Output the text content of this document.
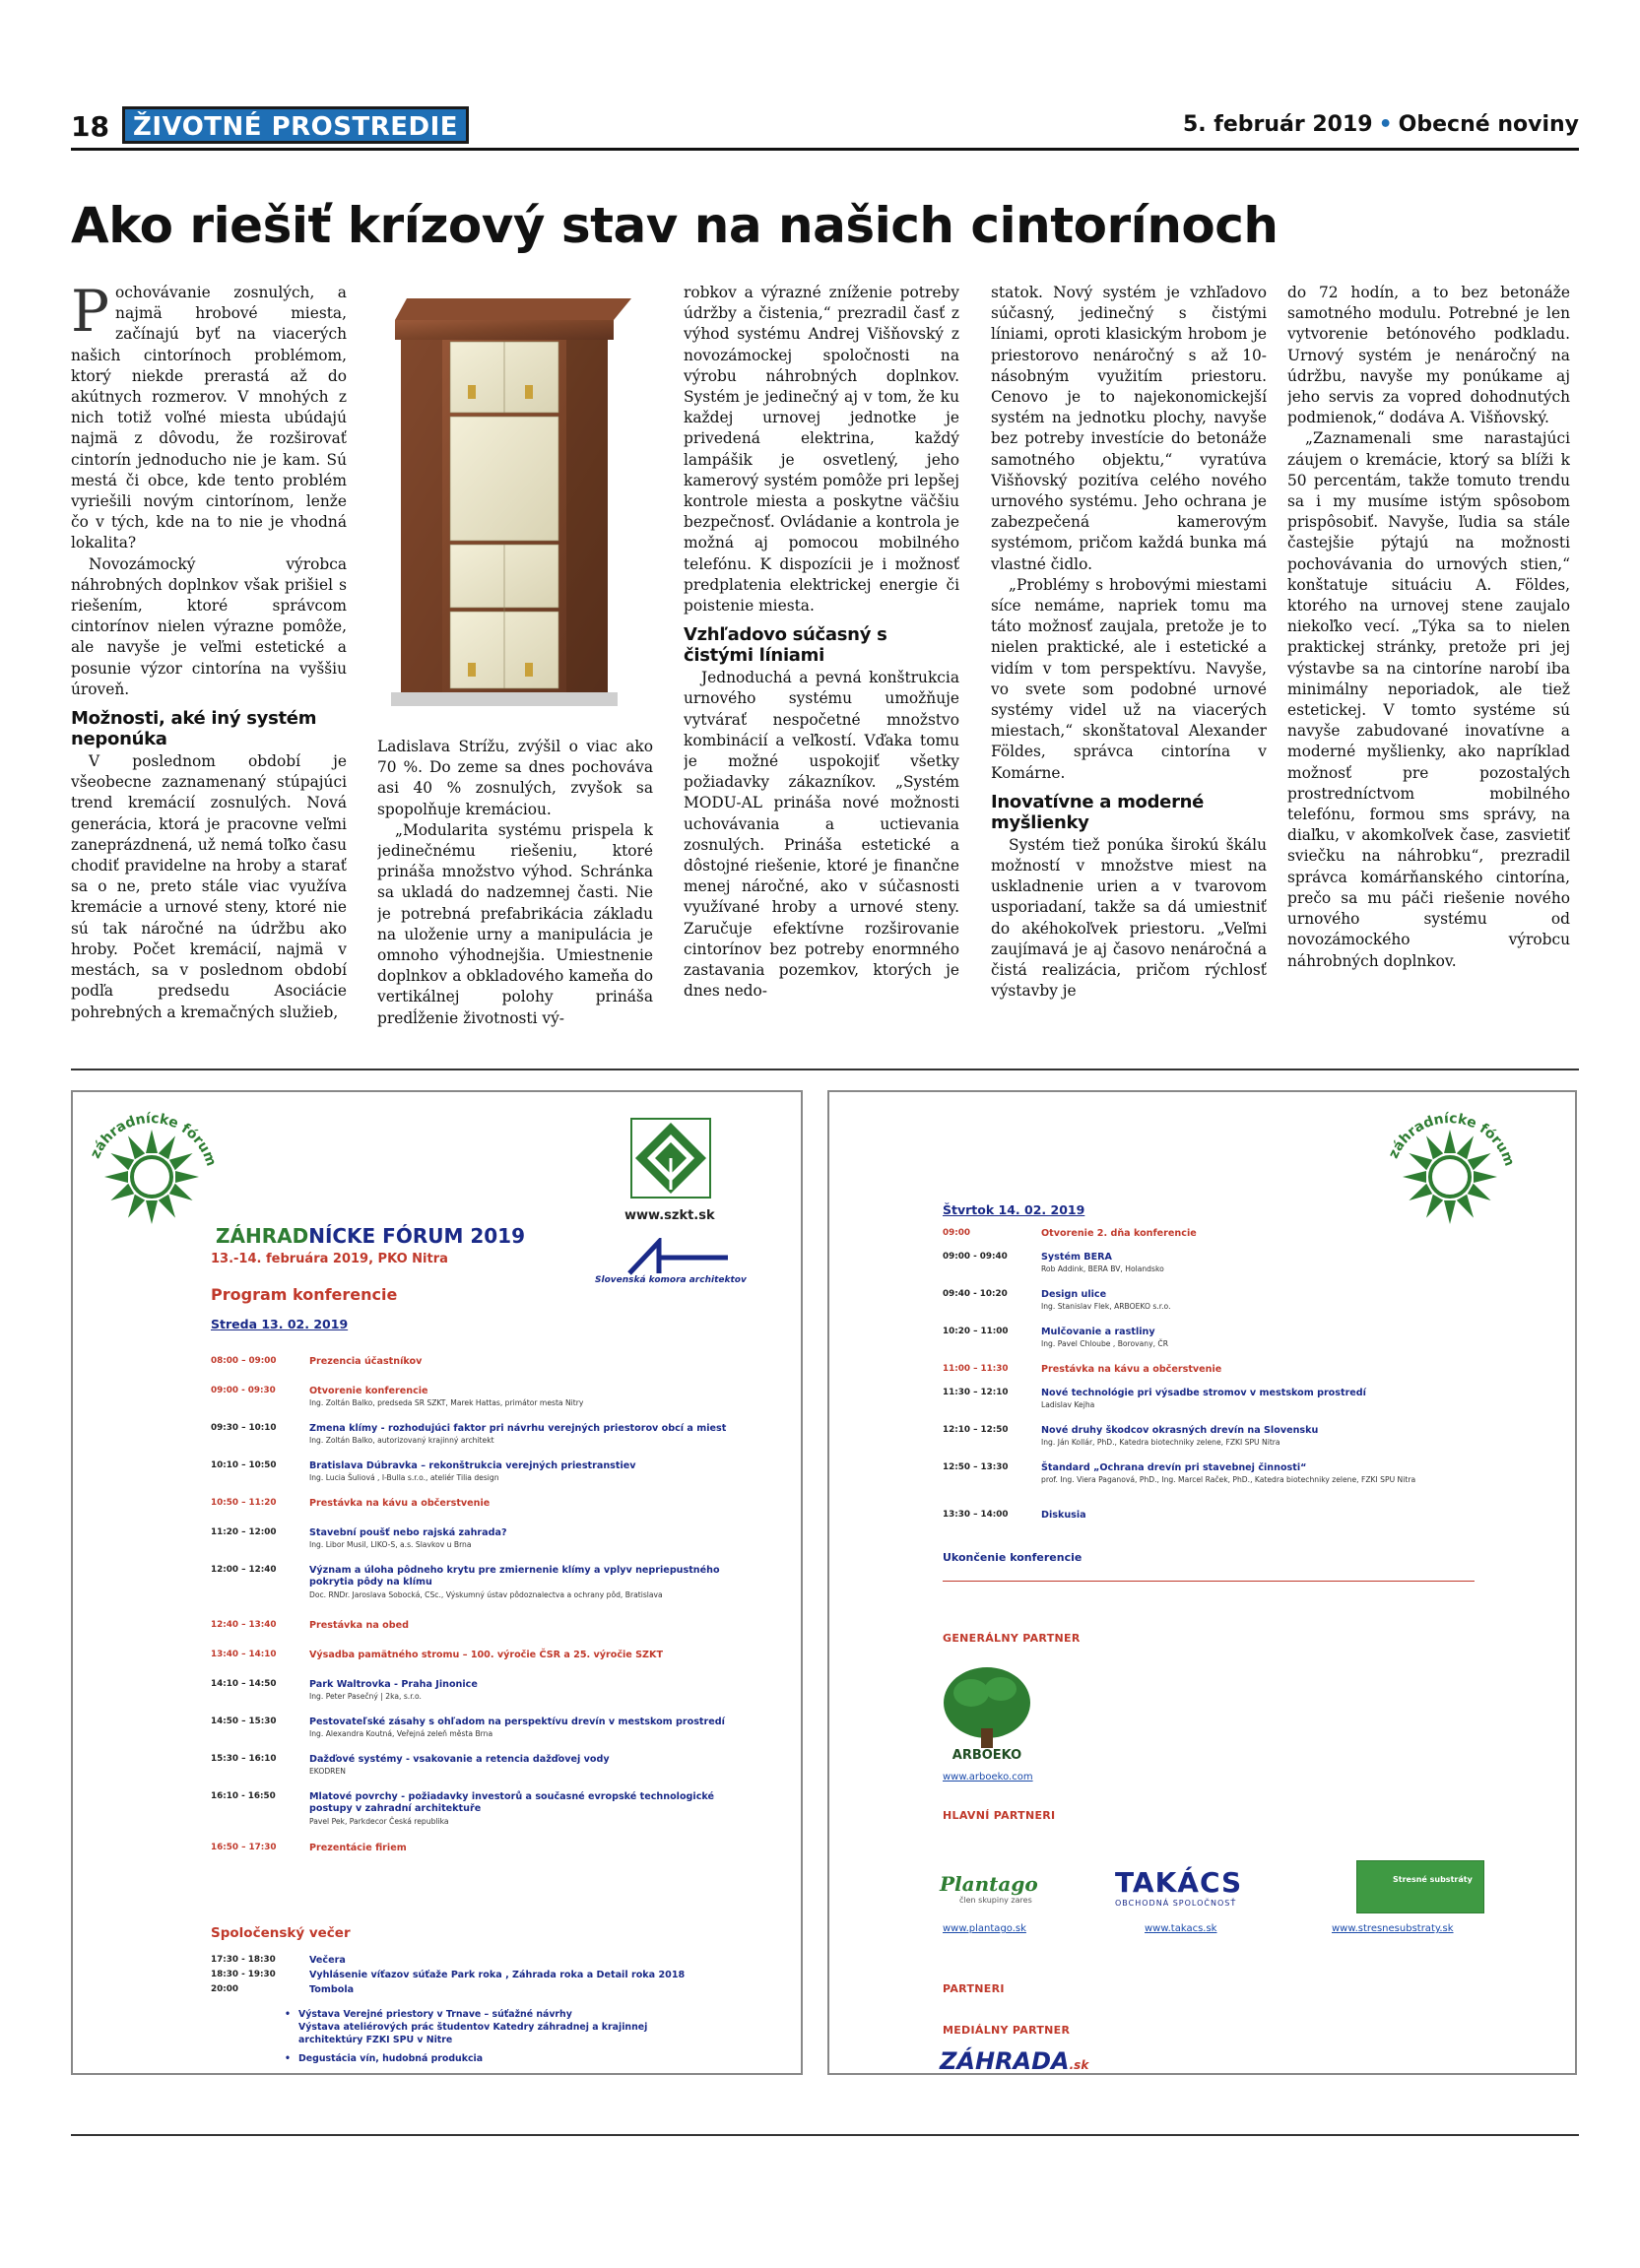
18 ŽIVOTNÉ PROSTREDIE	5. február 2019 • Obecné noviny
Ako riešiť krízový stav na našich cintorínoch

Pochovávanie zosnulých, a najmä hrobové miesta, začínajú byť na viacerých našich cintorínoch problémom, ktorý niekde prerastá až do akútnych rozmerov. V mnohých z nich totiž voľné miesta ubúdajú najmä z dôvodu, že rozširovať cintorín jednoducho nie je kam. Sú mestá či obce, kde tento problém vyriešili novým cintorínom, lenže čo v tých, kde na to nie je vhodná lokalita?

Novozámocký výrobca náhrobných doplnkov však prišiel s riešením, ktoré správcom cintorínov nielen výrazne pomôže, ale navyše je veľmi estetické a posunie výzor cintorína na vyššiu úroveň.

Možnosti, aké iný systém neponúka

V poslednom období je všeobecne zaznamenaný stúpajúci trend kremácií zosnulých. Nová generácia, ktorá je pracovne veľmi zaneprázdnená, už nemá toľko času chodiť pravidelne na hroby a starať sa o ne, preto stále viac využíva kremácie a urnové steny, ktoré nie sú tak náročné na údržbu ako hroby. Počet kremácií, najmä v mestách, sa v poslednom období podľa predsedu Asociácie pohrebných a kremačných služieb,

Ladislava Strížu, zvýšil o viac ako 70 %. Do zeme sa dnes pochováva asi 40 % zosnulých, zvyšok sa spopolňuje kremáciou.

„Modularita systému prispela k jedinečnému riešeniu, ktoré prináša množstvo výhod. Schránka sa ukladá do nadzemnej časti. Nie je potrebná prefabrikácia základu na uloženie urny a manipulácia je omnoho výhodnejšia. Umiestnenie doplnkov a obkladového kameňa do vertikálnej polohy prináša predĺženie životnosti vý-

robkov a výrazné zníženie potreby údržby a čistenia,“ prezradil časť z výhod systému Andrej Višňovský z novozámockej spoločnosti na výrobu náhrobných doplnkov. Systém je jedinečný aj v tom, že ku každej urnovej jednotke je privedená elektrina, každý lampášik je osvetlený, jeho kamerový systém pomôže pri lepšej kontrole miesta a poskytne väčšiu bezpečnosť. Ovládanie a kontrola je možná aj pomocou mobilného telefónu. K dispozícii je i možnosť predplatenia elektrickej energie či poistenie miesta.

Vzhľadovo súčasný s čistými líniami

Jednoduchá a pevná konštrukcia urnového systému umožňuje vytvárať nespočetné množstvo kombinácií a veľkostí. Vďaka tomu je možné uspokojiť všetky požiadavky zákazníkov. „Systém MODU-AL prináša nové možnosti uchovávania a uctievania zosnulých. Prináša estetické a dôstojné riešenie, ktoré je finančne menej náročné, ako v súčasnosti využívané hroby a urnové steny. Zaručuje efektívne rozširovanie cintorínov bez potreby enormného zastavania pozemkov, ktorých je dnes nedo-

statok. Nový systém je vzhľadovo súčasný, jedinečný s čistými líniami, oproti klasickým hrobom je priestorovo nenáročný s až 10-násobným využitím priestoru. Cenovo je to najekonomickejší systém na jednotku plochy, navyše bez potreby investície do betonáže samotného objektu,“ vyratúva Višňovský pozitíva celého nového urnového systému. Jeho ochrana je zabezpečená kamerovým systémom, pričom každá bunka má vlastné čidlo.

„Problémy s hrobovými miestami síce nemáme, napriek tomu ma táto možnosť zaujala, pretože je to nielen praktické, ale i estetické a vidím v tom perspektívu. Navyše, vo svete som podobné urnové systémy videl už na viacerých miestach,“ skonštatoval Alexander Földes, správca cintorína v Komárne.

Inovatívne a moderné myšlienky

Systém tiež ponúka širokú škálu možností v množstve miest na uskladnenie urien a v tvarovom usporiadaní, takže sa dá umiestniť do akéhokoľvek priestoru. „Veľmi zaujímavá je aj časovo nenáročná a čistá realizácia, pričom rýchlosť výstavby je

do 72 hodín, a to bez betonáže samotného modulu. Potrebné je len vytvorenie betónového podkladu. Urnový systém je nenáročný na údržbu, navyše my ponúkame aj jeho servis za vopred dohodnutých podmienok,“ dodáva A. Višňovský.

„Zaznamenali sme narastajúci záujem o kremácie, ktorý sa blíži k 50 percentám, takže tomuto trendu sa i my musíme istým spôsobom prispôsobiť. Navyše, ľudia sa stále častejšie pýtajú na možnosti pochovávania do urnových stien,“ konštatuje situáciu A. Földes, ktorého na urnovej stene zaujalo niekoľko vecí. „Týka sa to nielen praktickej stránky, pretože pri jej výstavbe sa na cintoríne narobí iba minimálny neporiadok, ale tiež estetickej. V tomto systéme sú navyše zabudované inovatívne a moderné myšlienky, ako napríklad možnosť pre pozostalých prostredníctvom mobilného telefónu, formou sms správy, na diaľku, v akomkoľvek čase, zasvietiť sviečku na náhrobku“, prezradil správca komárňanského cintorína, prečo sa mu páči riešenie nového urnového systému od novozámockého výrobcu náhrobných doplnkov.

záhradnícke fórum
www.szkt.sk
Slovenská komora architektov
ZÁHRADNÍCKE FÓRUM 2019
13.-14. februára 2019, PKO Nitra
Program konferencie
Streda 13. 02. 2019
08:00 – 09:00	Prezencia účastníkov
09:00 - 09:30	Otvorenie konferencie
Ing. Zoltán Balko, predseda SR SZKT, Marek Hattas, primátor mesta Nitry
09:30 – 10:10	Zmena klímy - rozhodujúci faktor pri návrhu verejných priestorov obcí a miest
Ing. Zoltán Balko, autorizovaný krajinný architekt
10:10 – 10:50	Bratislava Dúbravka – rekonštrukcia verejných priestranstiev
Ing. Lucia Šuliová , I-Bulla s.r.o., ateliér Tilia design
10:50 – 11:20	Prestávka na kávu a občerstvenie
11:20 – 12:00	Stavební poušť nebo rajská zahrada?
Ing. Libor Musil, LIKO-S, a.s. Slavkov u Brna
12:00 – 12:40	Význam a úloha pôdneho krytu pre zmiernenie klímy a vplyv nepriepustného pokrytia pôdy na klímu
Doc. RNDr. Jaroslava Sobocká, CSc., Výskumný ústav pôdoznalectva a ochrany pôd, Bratislava
12:40 – 13:40	Prestávka na obed
13:40 – 14:10	Výsadba pamätného stromu – 100. výročie ČSR a 25. výročie SZKT
14:10 – 14:50	Park Waltrovka - Praha Jinonice
Ing. Peter Pasečný | 2ka, s.r.o.
14:50 – 15:30	Pestovateľské zásahy s ohľadom na perspektívu drevín v mestskom prostredí
Ing. Alexandra Koutná, Veřejná zeleň města Brna
15:30 – 16:10	Dažďové systémy - vsakovanie a retencia dažďovej vody
EKODREN
16:10 - 16:50	Mlatové povrchy - požiadavky investorů a současné evropské technologické postupy v zahradní architektuře
Pavel Pek, Parkdecor Česká republika
16:50 – 17:30	Prezentácie firiem
Spoločenský večer
17:30 - 18:30	Večera
18:30 - 19:30	Vyhlásenie víťazov súťaže Park roka , Záhrada roka a Detail roka 2018
20:00	Tombola
• Výstava Verejné priestory v Trnave – súťažné návrhy
Výstava ateliérových prác študentov Katedry záhradnej a krajinnej
architektúry FZKI SPU v Nitre
• Degustácia vín, hudobná produkcia
záhradnícke fórum
Štvrtok 14. 02. 2019
09:00	Otvorenie 2. dňa konferencie
09:00 - 09:40	Systém BERA
Rob Addink, BERA BV, Holandsko
09:40 - 10:20	Design ulice
Ing. Stanislav Flek, ARBOEKO s.r.o.
10:20 – 11:00	Mulčovanie a rastliny
Ing. Pavel Chloube , Borovany, ČR
11:00 – 11:30	Prestávka na kávu a občerstvenie
11:30 – 12:10	Nové technológie pri výsadbe stromov v mestskom prostredí
Ladislav Kejha
12:10 – 12:50	Nové druhy škodcov okrasných drevín na Slovensku
Ing. Ján Kollár, PhD., Katedra biotechniky zelene, FZKI SPU Nitra
12:50 – 13:30	Štandard „Ochrana drevín pri stavebnej činnosti“
prof. Ing. Viera Paganová, PhD., Ing. Marcel Raček, PhD., Katedra biotechniky zelene, FZKI SPU Nitra
13:30 – 14:00	Diskusia
Ukončenie konferencie
GENERÁLNY PARTNER
ARBOEKO
www.arboeko.com
HLAVNÍ PARTNERI
Plantago
člen skupiny zares
www.plantago.sk
TAKÁCS
OBCHODNÁ SPOLOČNOSŤ
www.takacs.sk
Stresné substráty
www.stresnesubstraty.sk
PARTNERI
MEDIÁLNY PARTNER
ZÁHRADA.sk
